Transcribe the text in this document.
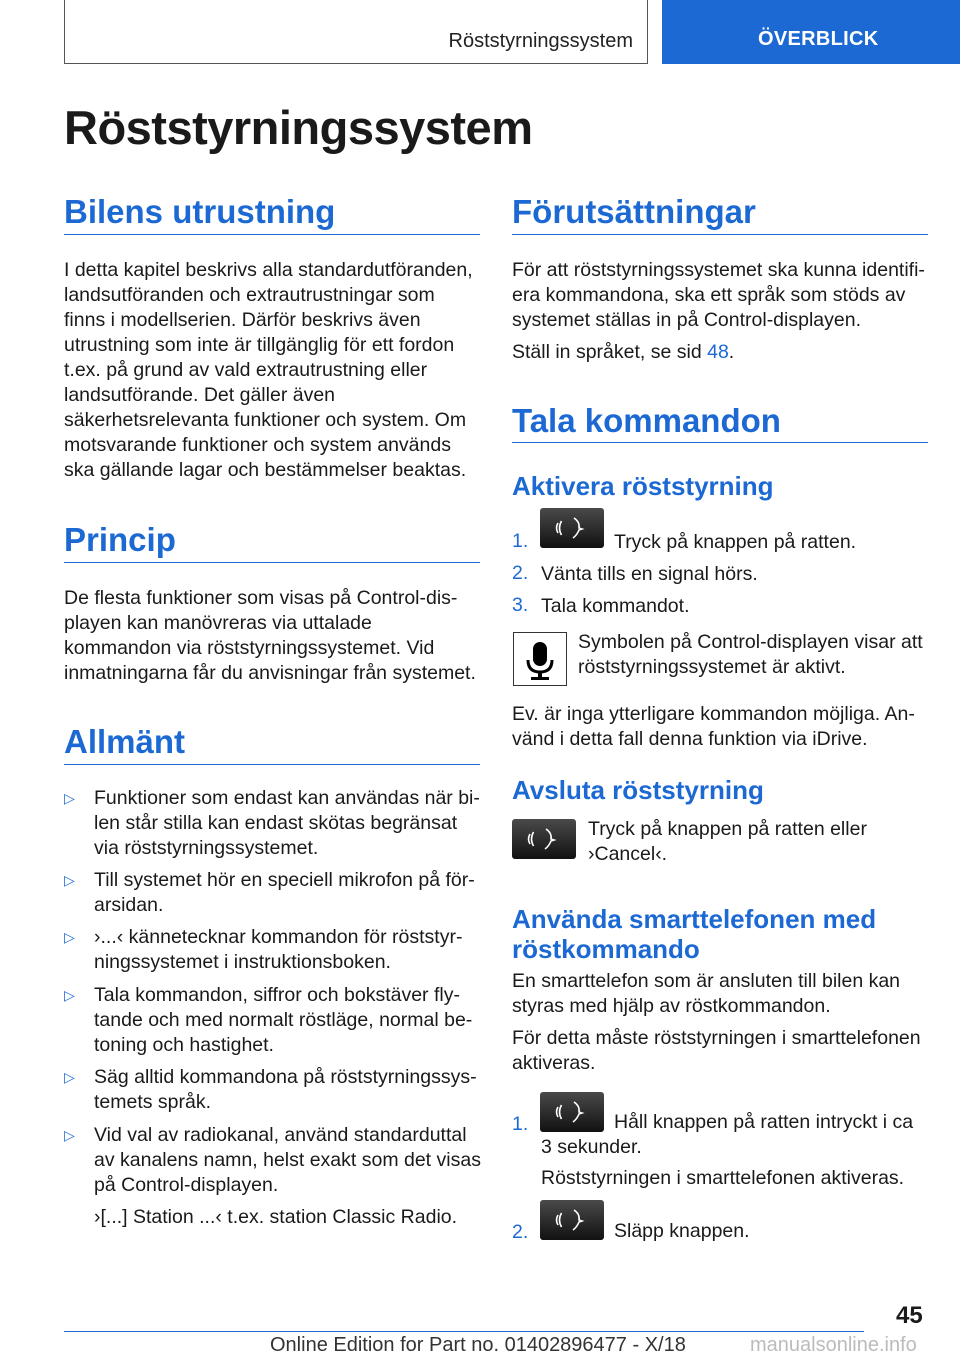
Röststyrningssystem	ÖVERBLICK
Röststyrningssystem
Bilens utrustning

I detta kapitel beskrivs alla standardutföranden, landsutföranden och extrautrustningar som finns i modellserien. Därför beskrivs även utrustning som inte är tillgänglig för ett fordon t.ex. på grund av vald extrautrustning eller landsutförande. Det gäller även säkerhetsrelevanta funktioner och system. Om motsvarande funktioner och system används ska gällande lagar och bestämmelser beaktas.

Princip

De flesta funktioner som visas på Control-displayen kan manövreras via uttalade kommandon via röststyrningssystemet. Vid inmatningarna får du anvisningar från systemet.

Allmänt
▷ Funktioner som endast kan användas när bilen står stilla kan endast skötas begränsat via röststyrningssystemet.
▷ Till systemet hör en speciell mikrofon på förarsidan.
▷ ›...‹ kännetecknar kommandon för röststyrningssystemet i instruktionsboken.
▷ Tala kommandon, siffror och bokstäver flytande och med normalt röstläge, normal betoning och hastighet.
▷ Säg alltid kommandona på röststyrningssystemets språk.
▷ Vid val av radiokanal, använd standarduttal av kanalens namn, helst exakt som det visas på Control-displayen.

›[...] Station ...‹ t.ex. station Classic Radio.

Förutsättningar

För att röststyrningssystemet ska kunna identifiera kommandona, ska ett språk som stöds av systemet ställas in på Control-displayen.

Ställ in språket, se sid 48.

Tala kommandon
Aktivera röststyrning
1.	Tryck på knappen på ratten.

2. Vänta tills en signal hörs.

3. Tala kommandot.

Symbolen på Control-displayen visar att röststyrningssystemet är aktivt.

Ev. är inga ytterligare kommandon möjliga. Använd i detta fall denna funktion via iDrive.

Avsluta röststyrning

Tryck på knappen på ratten eller ›Cancel‹.

Använda smarttelefonen med röstkommando

En smarttelefon som är ansluten till bilen kan styras med hjälp av röstkommandon.

För detta måste röststyrningen i smarttelefonen aktiveras.

1.	Håll knappen på ratten intryckt i ca 3 sekunder.

Röststyrningen i smarttelefonen aktiveras.

2.	Släpp knappen.

45
Online Edition for Part no. 01402896477 - X/18	manualsonline.info
